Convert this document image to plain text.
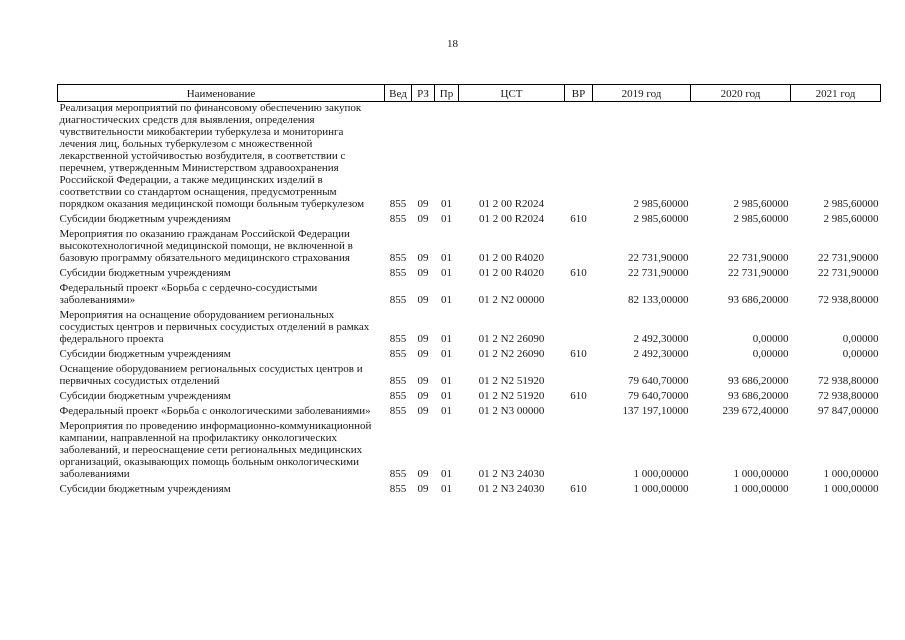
18
Наименование	Вед	РЗ	Пр	ЦСТ	ВР	2019 год	2020 год	2021 год
Реализация мероприятий по финансовому обеспечению закупок диагностических средств для выявления, определения чувствительности микобактерии туберкулеза и мониторинга лечения лиц, больных туберкулезом с множественной лекарственной устойчивостью возбудителя, в соответствии с перечнем, утвержденным Министерством здравоохранения Российской Федерации, а также медицинских изделий в соответствии со стандартом оснащения, предусмотренным порядком оказания медицинской помощи больным туберкулезом	855	09	01	01 2 00 R2024		2 985,60000	2 985,60000	2 985,60000

Субсидии бюджетным учреждениям	855	09	01	01 2 00 R2024	610	2 985,60000	2 985,60000	2 985,60000

Мероприятия по оказанию гражданам Российской Федерации высокотехнологичной медицинской помощи, не включенной в базовую программу обязательного медицинского страхования	855	09	01	01 2 00 R4020		22 731,90000	22 731,90000	22 731,90000

Субсидии бюджетным учреждениям	855	09	01	01 2 00 R4020	610	22 731,90000	22 731,90000	22 731,90000

Федеральный проект «Борьба с сердечно-сосудистыми заболеваниями»	855	09	01	01 2 N2 00000		82 133,00000	93 686,20000	72 938,80000

Мероприятия на оснащение оборудованием региональных сосудистых центров и первичных сосудистых отделений в рамках федерального проекта	855	09	01	01 2 N2 26090		2 492,30000	0,00000	0,00000

Субсидии бюджетным учреждениям	855	09	01	01 2 N2 26090	610	2 492,30000	0,00000	0,00000

Оснащение оборудованием региональных сосудистых центров и первичных сосудистых отделений	855	09	01	01 2 N2 51920		79 640,70000	93 686,20000	72 938,80000

Субсидии бюджетным учреждениям	855	09	01	01 2 N2 51920	610	79 640,70000	93 686,20000	72 938,80000

Федеральный проект «Борьба с онкологическими заболеваниями»	855	09	01	01 2 N3 00000		137 197,10000	239 672,40000	97 847,00000

Мероприятия по проведению информационно-коммуникационной кампании, направленной на профилактику онкологических заболеваний, и переоснащение сети региональных медицинских организаций, оказывающих помощь больным онкологическими заболеваниями	855	09	01	01 2 N3 24030		1 000,00000	1 000,00000	1 000,00000

Субсидии бюджетным учреждениям	855	09	01	01 2 N3 24030	610	1 000,00000	1 000,00000	1 000,00000
